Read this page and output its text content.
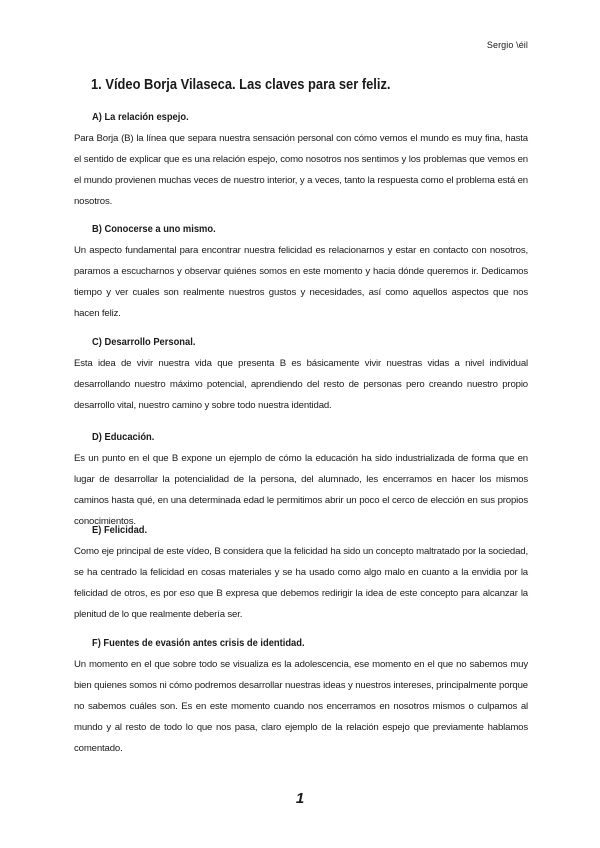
Sergio \éil
1. Vídeo Borja Vilaseca. Las claves para ser feliz.
A) La relación espejo.

Para Borja (B) la línea que separa nuestra sensación personal con cómo vemos el mundo es muy fina, hasta el sentido de explicar que es una relación espejo, como nosotros nos sentimos y los problemas que vemos en el mundo provienen muchas veces de nuestro interior, y a veces, tanto la respuesta como el problema está en nosotros.

B) Conocerse a uno mismo.

Un aspecto fundamental para encontrar nuestra felicidad es relacionarnos y estar en contacto con nosotros, paramos a escucharnos y observar quiénes somos en este momento y hacia dónde queremos ir. Dedicamos tiempo y ver cuales son realmente nuestros gustos y necesidades, así como aquellos aspectos que nos hacen feliz.

C) Desarrollo Personal.

Esta idea de vivir nuestra vida que presenta B es básicamente vivir nuestras vidas a nivel individual desarrollando nuestro máximo potencial, aprendiendo del resto de personas pero creando nuestro propio desarrollo vital, nuestro camino y sobre todo nuestra identidad.

D) Educación.

Es un punto en el que B expone un ejemplo de cómo la educación ha sido industrializada de forma que en lugar de desarrollar la potencialidad de la persona, del alumnado, les encerramos en hacer los mismos caminos hasta qué, en una determinada edad le permitimos abrir un poco el cerco de elección en sus propios conocimientos.

E) Felicidad.

Como eje principal de este vídeo, B considera que la felicidad ha sido un concepto maltratado por la sociedad, se ha centrado la felicidad en cosas materiales y se ha usado como algo malo en cuanto a la envidia por la felicidad de otros, es por eso que B expresa que debemos redirigir la idea de este concepto para alcanzar la plenitud de lo que realmente debería ser.

F) Fuentes de evasión antes crisis de identidad.

Un momento en el que sobre todo se visualiza es la adolescencia, ese momento en el que no sabemos muy bien quienes somos ni cómo podremos desarrollar nuestras ideas y nuestros intereses, principalmente porque no sabemos cuáles son. Es en este momento cuando nos encerramos en nosotros mismos o culpamos al mundo y al resto de todo lo que nos pasa, claro ejemplo de la relación espejo que previamente hablamos comentado.

1
